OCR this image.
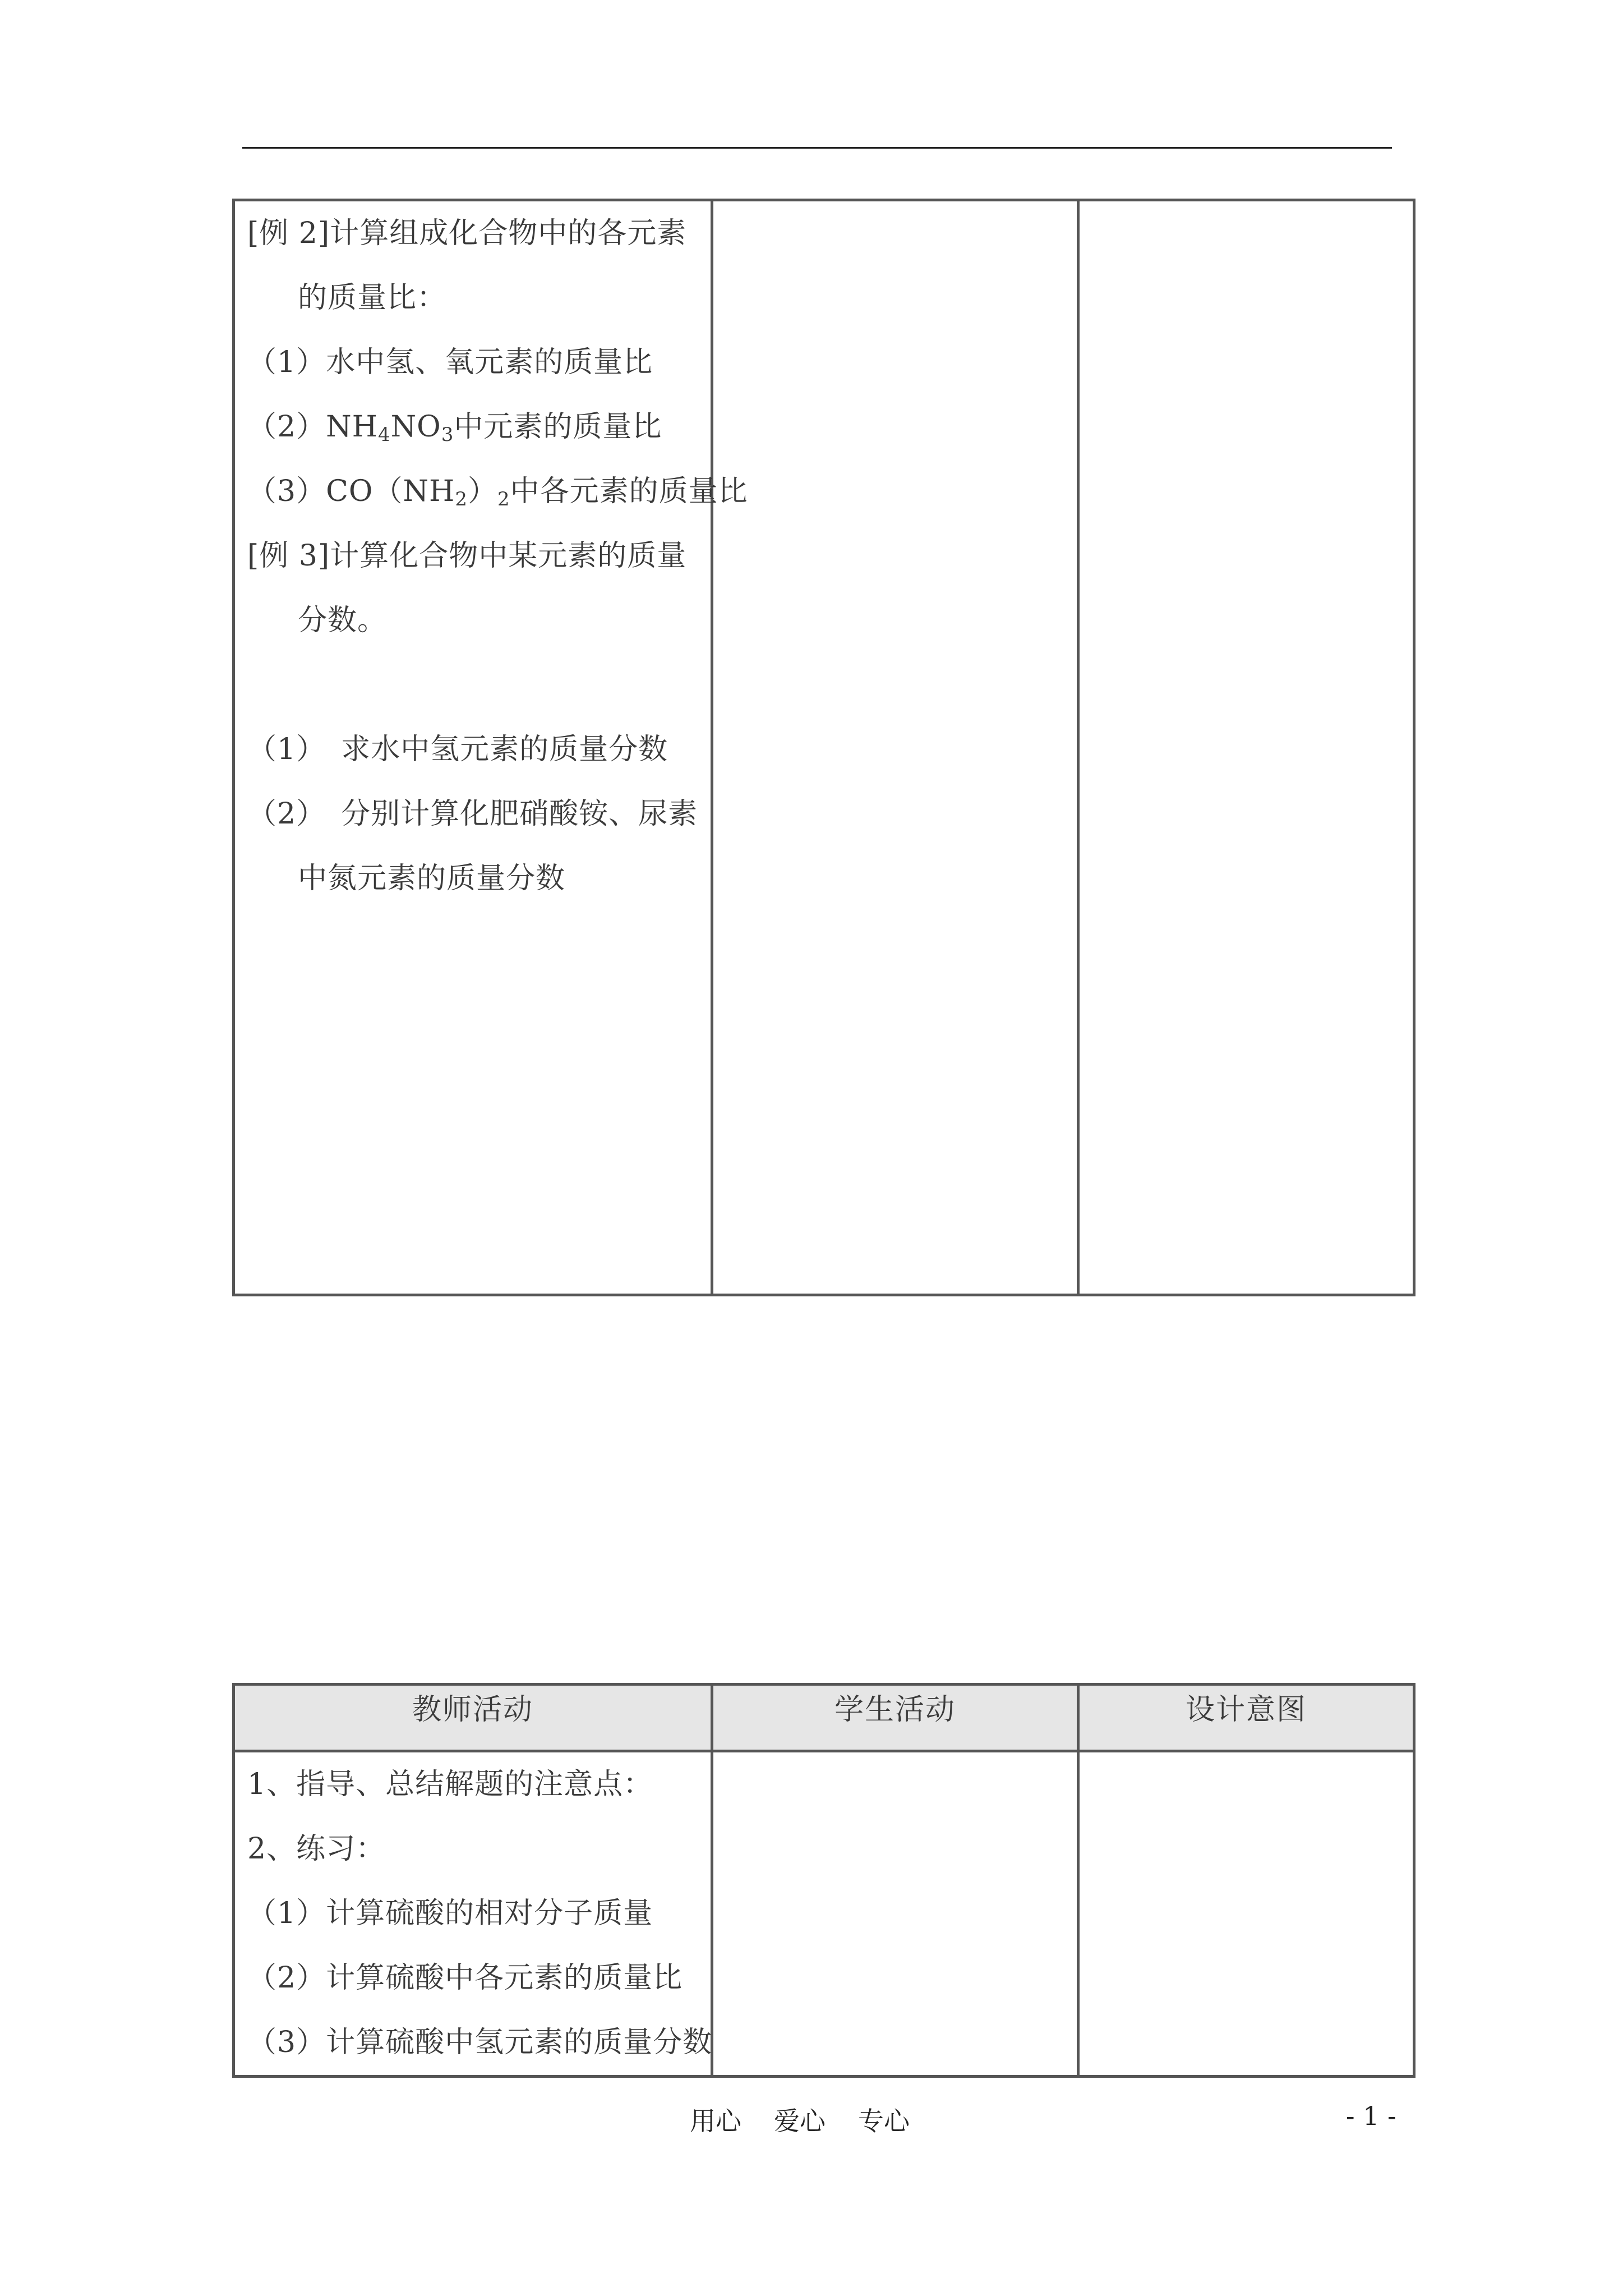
[例 2]计算组成化合物中的各元素
的质量比：
（1）水中氢、氧元素的质量比
$(2)NH_4NO_3$中元素的质量比
$(3)CO(NH_2)_2$中各元素的质量比
[例 3]计算化合物中某元素的质量
分数。
（1）　求水中氢元素的质量分数
（2）　分别计算化肥硝酸铵、尿素
中氮元素的质量分数

教师活动	学生活动	设计意图

1、指导、总结解题的注意点：
2、练习：
（1）计算硫酸的相对分子质量
（2）计算硫酸中各元素的质量比
（3）计算硫酸中氢元素的质量分数		

用心 爱心 专心	- 1 -
